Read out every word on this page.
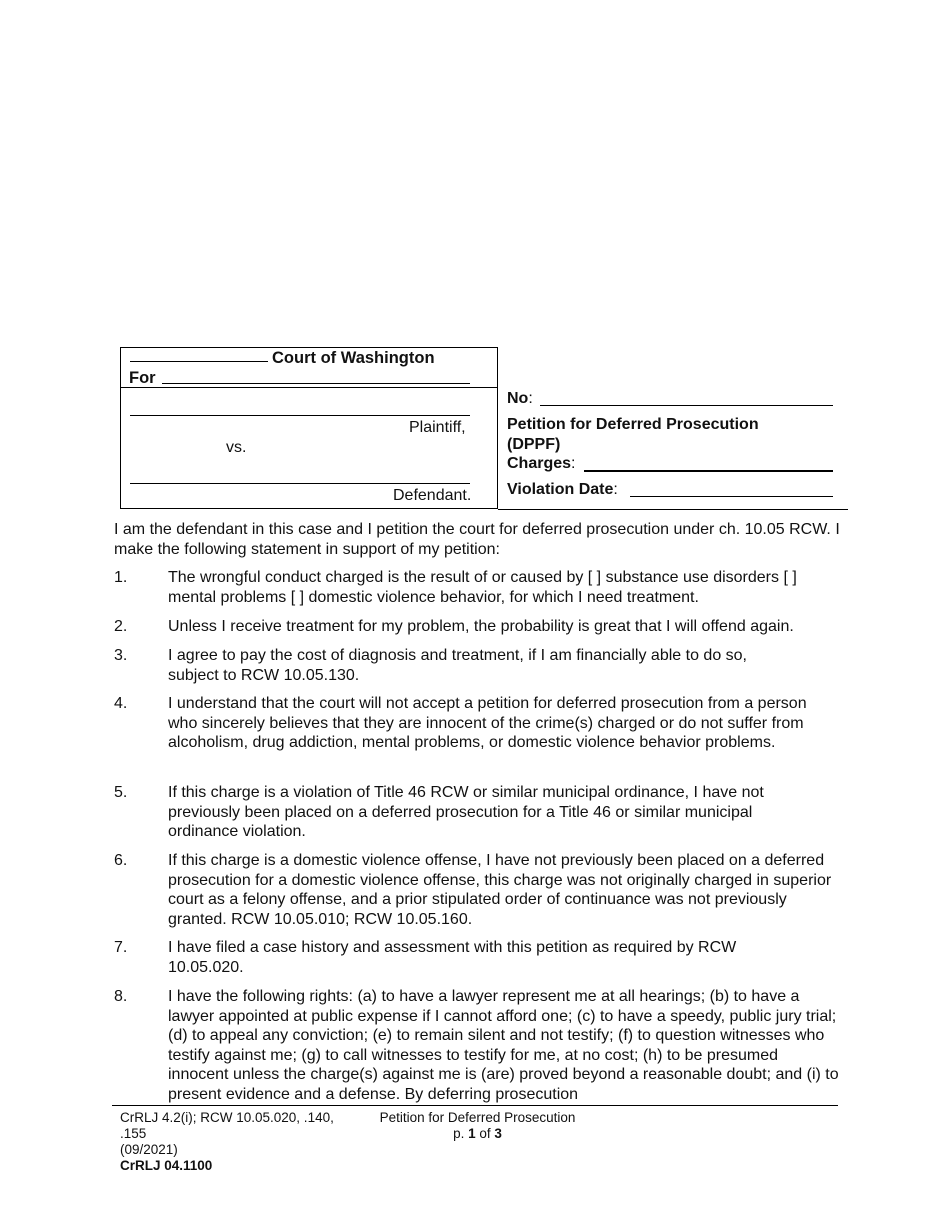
Court of Washington
For
Plaintiff,
vs.
Defendant.
No:
Petition for Deferred Prosecution
(DPPF)
Charges:
Violation Date:
I am the defendant in this case and I petition the court for deferred prosecution under ch. 10.05 RCW. I make the following statement in support of my petition:
1.	The wrongful conduct charged is the result of or caused by [ ] substance use disorders [ ] mental problems [ ] domestic violence behavior, for which I need treatment.
2.	Unless I receive treatment for my problem, the probability is great that I will offend again.
3.	I agree to pay the cost of diagnosis and treatment, if I am financially able to do so, subject to RCW 10.05.130.
4.	I understand that the court will not accept a petition for deferred prosecution from a person who sincerely believes that they are innocent of the crime(s) charged or do not suffer from alcoholism, drug addiction, mental problems, or domestic violence behavior problems.
5.	If this charge is a violation of Title 46 RCW or similar municipal ordinance, I have not previously been placed on a deferred prosecution for a Title 46 or similar municipal ordinance violation.
6.	If this charge is a domestic violence offense, I have not previously been placed on a deferred prosecution for a domestic violence offense, this charge was not originally charged in superior court as a felony offense, and a prior stipulated order of continuance was not previously granted. RCW 10.05.010; RCW 10.05.160.
7.	I have filed a case history and assessment with this petition as required by RCW 10.05.020.
8.	I have the following rights: (a) to have a lawyer represent me at all hearings; (b) to have a lawyer appointed at public expense if I cannot afford one; (c) to have a speedy, public jury trial; (d) to appeal any conviction; (e) to remain silent and not testify; (f) to question witnesses who testify against me; (g) to call witnesses to testify for me, at no cost; (h) to be presumed innocent unless the charge(s) against me is (are) proved beyond a reasonable doubt; and (i) to present evidence and a defense. By deferring prosecution
CrRLJ 4.2(i); RCW 10.05.020, .140,
.155
(09/2021)
CrRLJ 04.1100
Petition for Deferred Prosecution
p. 1 of 3
